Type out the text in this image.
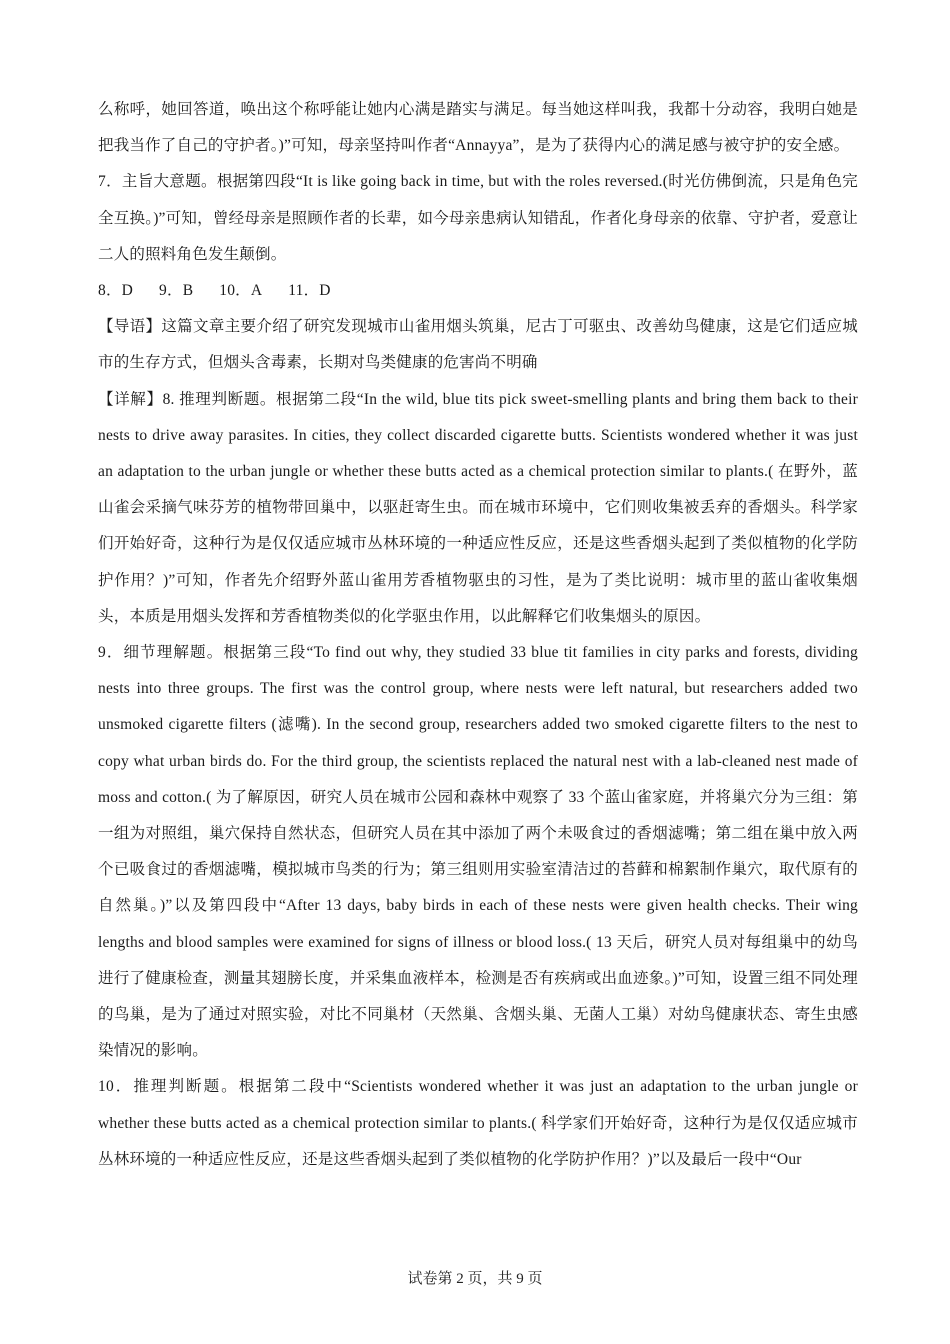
么称呼，她回答道，唤出这个称呼能让她内心满是踏实与满足。每当她这样叫我，我都十分动容，我明白她是把我当作了自己的守护者。)”可知，母亲坚持叫作者“Annayya”，是为了获得内心的满足感与被守护的安全感。

7．主旨大意题。根据第四段“It is like going back in time, but with the roles reversed.(时光仿佛倒流，只是角色完全互换。)”可知，曾经母亲是照顾作者的长辈，如今母亲患病认知错乱，作者化身母亲的依靠、守护者，爱意让二人的照料角色发生颠倒。

8．D 9．B 10．A 11．D

【导语】这篇文章主要介绍了研究发现城市山雀用烟头筑巢，尼古丁可驱虫、改善幼鸟健康，这是它们适应城市的生存方式，但烟头含毒素，长期对鸟类健康的危害尚不明确

【详解】8. 推理判断题。根据第二段“In the wild, blue tits pick sweet-smelling plants and bring them back to their nests to drive away parasites. In cities, they collect discarded cigarette butts. Scientists wondered whether it was just an adaptation to the urban jungle or whether these butts acted as a chemical protection similar to plants.( 在野外，蓝山雀会采摘气味芬芳的植物带回巢中，以驱赶寄生虫。而在城市环境中，它们则收集被丢弃的香烟头。科学家们开始好奇，这种行为是仅仅适应城市丛林环境的一种适应性反应，还是这些香烟头起到了类似植物的化学防护作用？)”可知，作者先介绍野外蓝山雀用芳香植物驱虫的习性，是为了类比说明：城市里的蓝山雀收集烟头，本质是用烟头发挥和芳香植物类似的化学驱虫作用，以此解释它们收集烟头的原因。

9．细节理解题。根据第三段“To find out why, they studied 33 blue tit families in city parks and forests, dividing nests into three groups. The first was the control group, where nests were left natural, but researchers added two unsmoked cigarette filters (滤嘴). In the second group, researchers added two smoked cigarette filters to the nest to copy what urban birds do. For the third group, the scientists replaced the natural nest with a lab-cleaned nest made of moss and cotton.( 为了解原因，研究人员在城市公园和森林中观察了 33 个蓝山雀家庭，并将巢穴分为三组：第一组为对照组，巢穴保持自然状态，但研究人员在其中添加了两个未吸食过的香烟滤嘴；第二组在巢中放入两个已吸食过的香烟滤嘴，模拟城市鸟类的行为；第三组则用实验室清洁过的苔藓和棉絮制作巢穴，取代原有的自然巢。)”以及第四段中“After 13 days, baby birds in each of these nests were given health checks. Their wing lengths and blood samples were examined for signs of illness or blood loss.( 13 天后，研究人员对每组巢中的幼鸟进行了健康检查，测量其翅膀长度，并采集血液样本，检测是否有疾病或出血迹象。)”可知，设置三组不同处理的鸟巢，是为了通过对照实验，对比不同巢材（天然巢、含烟头巢、无菌人工巢）对幼鸟健康状态、寄生虫感染情况的影响。

10．推理判断题。根据第二段中“Scientists wondered whether it was just an adaptation to the urban jungle or whether these butts acted as a chemical protection similar to plants.( 科学家们开始好奇，这种行为是仅仅适应城市丛林环境的一种适应性反应，还是这些香烟头起到了类似植物的化学防护作用？)”以及最后一段中“Our

试卷第 2 页，共 9 页
